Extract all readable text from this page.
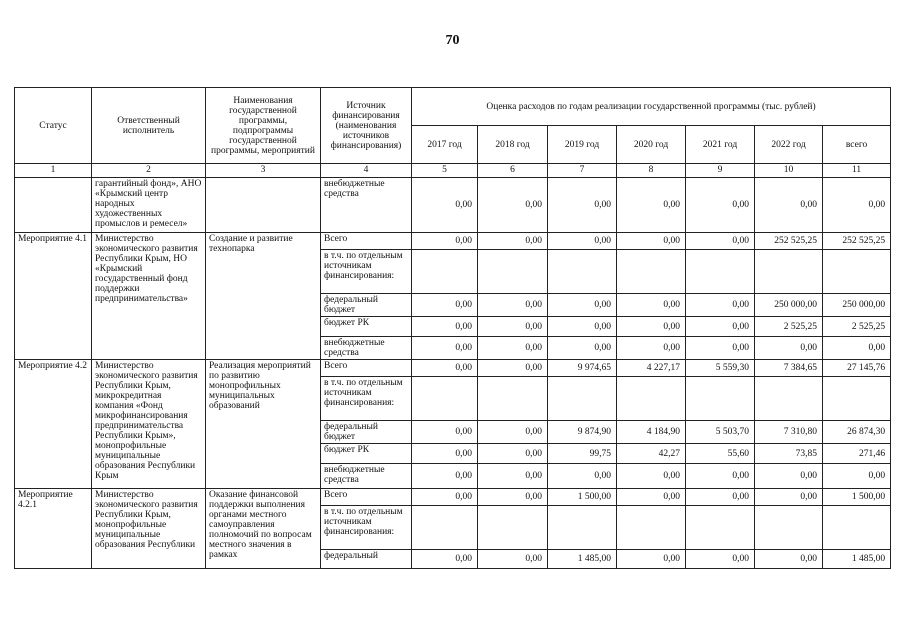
70
Статус	Ответственный исполнитель	Наименования государственной программы, подпрограммы государственной программы, мероприятий	Источник финансирования (наименования источников финансирования)	Оценка расходов по годам реализации государственной программы (тыс. рублей)						
				2017 год	2018 год	2019 год	2020 год	2021 год	2022 год	всего
1	2	3	4	5	6	7	8	9	10	11
	гарантийный фонд», АНО «Крымский центр народных художественных промыслов и ремесел»		внебюджетные средства	0,00	0,00	0,00	0,00	0,00	0,00	0,00
Мероприятие 4.1	Министерство экономического развития Республики Крым, НО «Крымский государственный фонд поддержки предпринимательства»	Создание и развитие технопарка	Всего	0,00	0,00	0,00	0,00	0,00	252 525,25	252 525,25
			в т.ч. по отдельным источникам финансирования:							
			федеральный бюджет	0,00	0,00	0,00	0,00	0,00	250 000,00	250 000,00
			бюджет РК	0,00	0,00	0,00	0,00	0,00	2 525,25	2 525,25
			внебюджетные средства	0,00	0,00	0,00	0,00	0,00	0,00	0,00
Мероприятие 4.2	Министерство экономического развития Республики Крым, микрокредитная компания «Фонд микрофинансирования предпринимательства Республики Крым», монопрофильные муниципальные образования Республики Крым	Реализация мероприятий по развитию монопрофильных муниципальных образований	Всего	0,00	0,00	9 974,65	4 227,17	5 559,30	7 384,65	27 145,76
			в т.ч. по отдельным источникам финансирования:							
			федеральный бюджет	0,00	0,00	9 874,90	4 184,90	5 503,70	7 310,80	26 874,30
			бюджет РК	0,00	0,00	99,75	42,27	55,60	73,85	271,46
			внебюджетные средства	0,00	0,00	0,00	0,00	0,00	0,00	0,00
Мероприятие 4.2.1	Министерство экономического развития Республики Крым, монопрофильные муниципальные образования Республики	Оказание финансовой поддержки выполнения органами местного самоуправления полномочий по вопросам местного значения в рамках	Всего	0,00	0,00	1 500,00	0,00	0,00	0,00	1 500,00
			в т.ч. по отдельным источникам финансирования:							
			федеральный	0,00	0,00	1 485,00	0,00	0,00	0,00	1 485,00
